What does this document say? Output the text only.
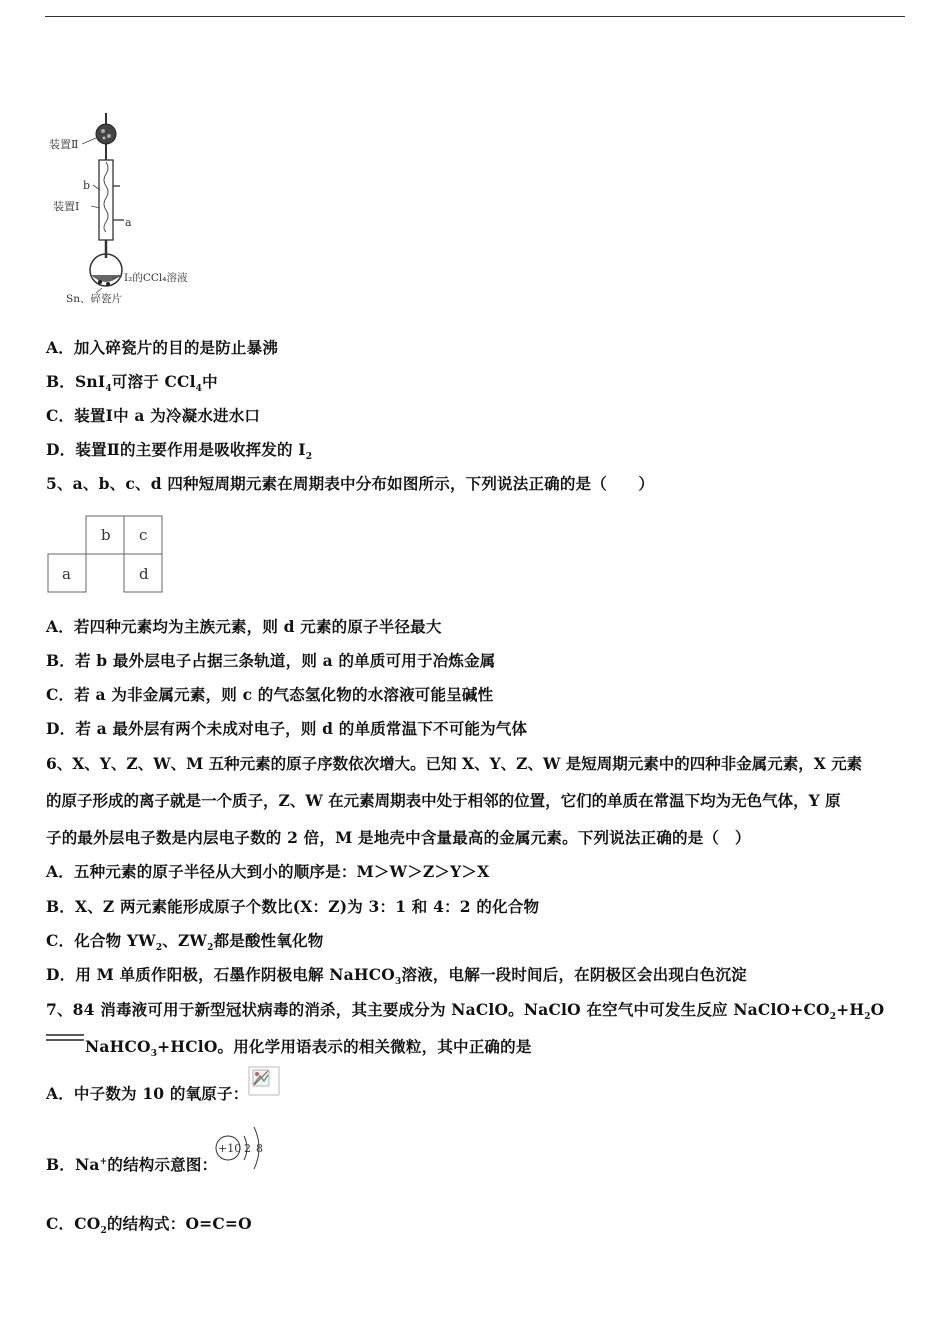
装置Ⅱ
b
装置Ⅰ
a
I₂的CCl₄溶液
Sn、碎瓷片
A．加入碎瓷片的目的是防止暴沸
B．SnI$_4$可溶于 CCl$_4$中
C．装置Ⅰ中 a 为冷凝水进水口
D．装置Ⅱ的主要作用是吸收挥发的 $I_2$
5、a、b、c、d 四种短周期元素在周期表中分布如图所示，下列说法正确的是（　　）
b c
a	d
A．若四种元素均为主族元素，则 d 元素的原子半径最大
B．若 b 最外层电子占据三条轨道，则 a 的单质可用于冶炼金属
C．若 a 为非金属元素，则 c 的气态氢化物的水溶液可能呈碱性
D．若 a 最外层有两个未成对电子，则 d 的单质常温下不可能为气体
6、X、Y、Z、W、M 五种元素的原子序数依次增大。已知 X、Y、Z、W 是短周期元素中的四种非金属元素，X 元素
的原子形成的离子就是一个质子，Z、W 在元素周期表中处于相邻的位置，它们的单质在常温下均为无色气体，Y 原
子的最外层电子数是内层电子数的 2 倍，M 是地壳中含量最高的金属元素。下列说法正确的是（　）
A．五种元素的原子半径从大到小的顺序是：M＞W＞Z＞Y＞X
B．X、Z 两元素能形成原子个数比(X：Z)为 3：1 和 4：2 的化合物
C．化合物 $YW_2$、$ZW_2$都是酸性氧化物
D．用 M 单质作阳极，石墨作阴极电解 NaHCO$_3$溶液，电解一段时间后，在阴极区会出现白色沉淀
7、84 消毒液可用于新型冠状病毒的消杀，其主要成分为 NaClO。NaClO 在空气中可发生反应 $NaClO+CO_2+H_2O$
NaHCO$_3$+HClO。用化学用语表示的相关微粒，其中正确的是
A．中子数为 10 的氧原子：
B．Na+的结构示意图：
+10 2 8
C．$CO_2$的结构式：O=C=O
